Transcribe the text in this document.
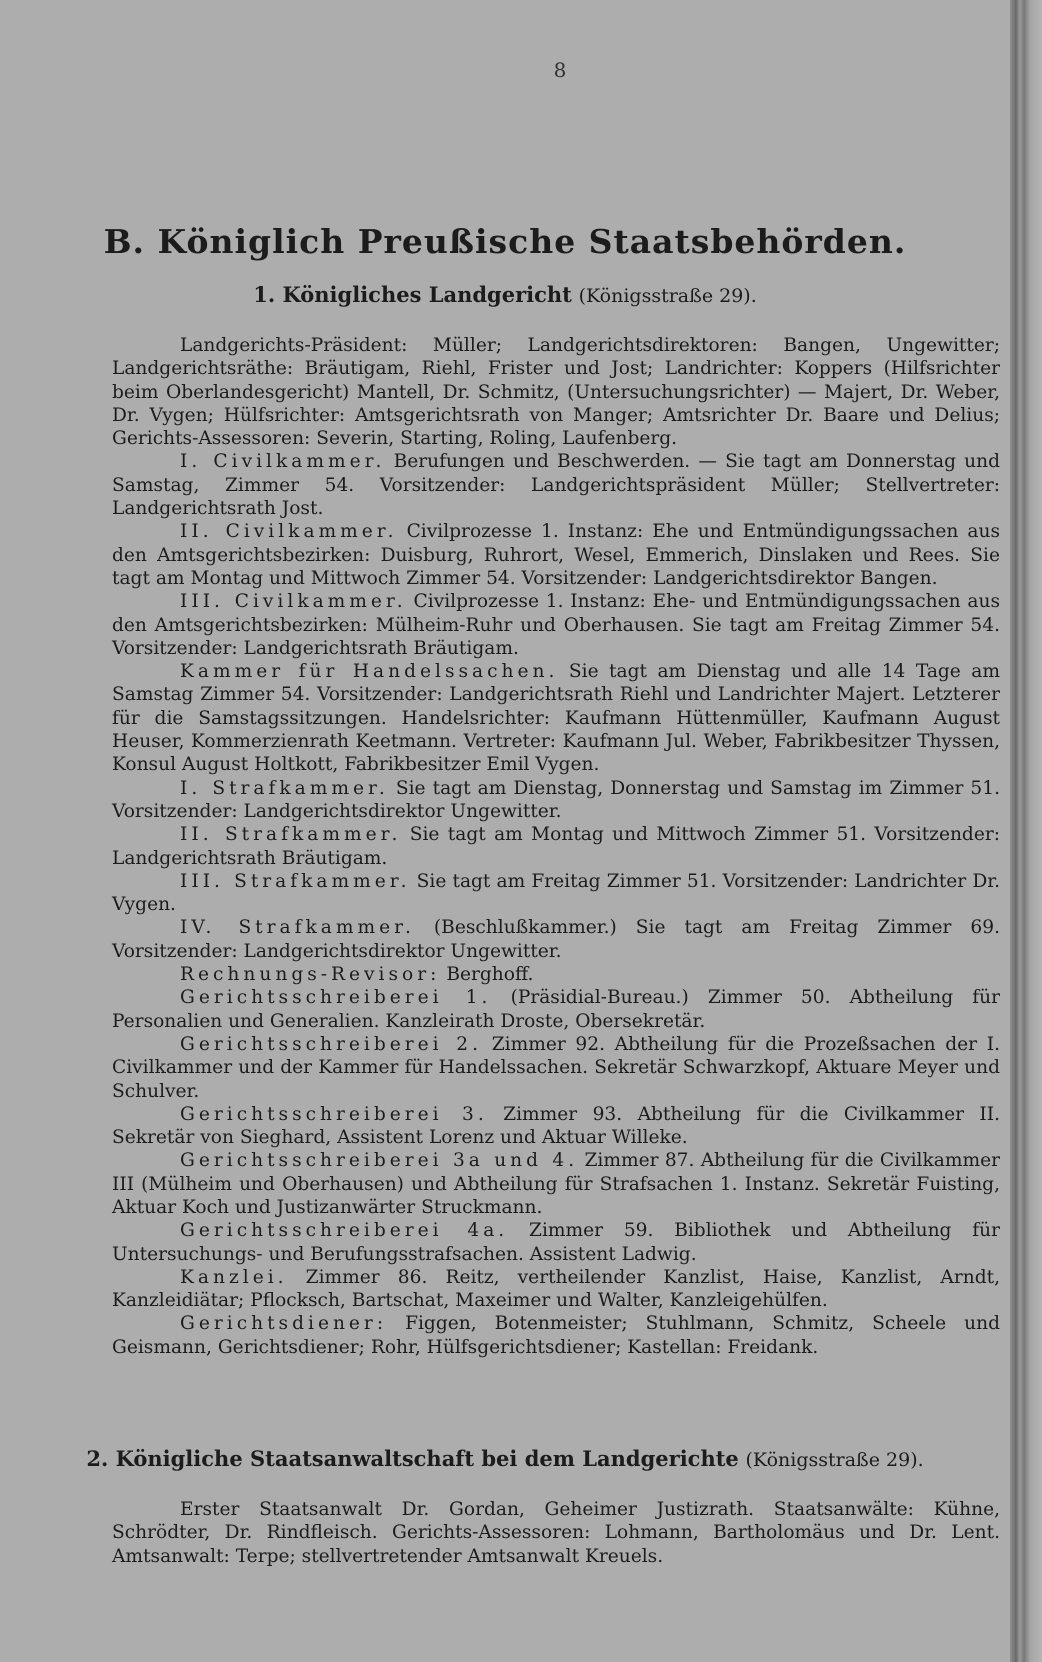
8
B. Königlich Preußische Staatsbehörden.
1. Königliches Landgericht (Königsstraße 29).

Landgerichts-Präsident: Müller; Landgerichtsdirektoren: Bangen, Ungewitter; Landgerichtsräthe: Bräutigam, Riehl, Frister und Jost; Landrichter: Koppers (Hilfsrichter beim Oberlandesgericht) Mantell, Dr. Schmitz, (Untersuchungsrichter) — Majert, Dr. Weber, Dr. Vygen; Hülfsrichter: Amtsgerichtsrath von Manger; Amtsrichter Dr. Baare und Delius; Gerichts-Assessoren: Severin, Starting, Roling, Laufenberg.

I. Civilkammer. Berufungen und Beschwerden. — Sie tagt am Donnerstag und Samstag, Zimmer 54. Vorsitzender: Landgerichtspräsident Müller; Stellvertreter: Landgerichtsrath Jost.

II. Civilkammer. Civilprozesse 1. Instanz: Ehe und Entmündigungssachen aus den Amtsgerichtsbezirken: Duisburg, Ruhrort, Wesel, Emmerich, Dinslaken und Rees. Sie tagt am Montag und Mittwoch Zimmer 54. Vorsitzender: Landgerichtsdirektor Bangen.

III. Civilkammer. Civilprozesse 1. Instanz: Ehe- und Entmündigungssachen aus den Amtsgerichtsbezirken: Mülheim-Ruhr und Oberhausen. Sie tagt am Freitag Zimmer 54. Vorsitzender: Landgerichtsrath Bräutigam.

Kammer für Handelssachen. Sie tagt am Dienstag und alle 14 Tage am Samstag Zimmer 54. Vorsitzender: Landgerichtsrath Riehl und Landrichter Majert. Letzterer für die Samstagssitzungen. Handelsrichter: Kaufmann Hüttenmüller, Kaufmann August Heuser, Kommerzienrath Keetmann. Vertreter: Kaufmann Jul. Weber, Fabrikbesitzer Thyssen, Konsul August Holtkott, Fabrikbesitzer Emil Vygen.

I. Strafkammer. Sie tagt am Dienstag, Donnerstag und Samstag im Zimmer 51. Vorsitzender: Landgerichtsdirektor Ungewitter.

II. Strafkammer. Sie tagt am Montag und Mittwoch Zimmer 51. Vorsitzender: Landgerichtsrath Bräutigam.

III. Strafkammer. Sie tagt am Freitag Zimmer 51. Vorsitzender: Landrichter Dr. Vygen.

IV. Strafkammer. (Beschlußkammer.) Sie tagt am Freitag Zimmer 69. Vorsitzender: Landgerichtsdirektor Ungewitter.

Rechnungs-Revisor: Berghoff.

Gerichtsschreiberei 1. (Präsidial-Bureau.) Zimmer 50. Abtheilung für Personalien und Generalien. Kanzleirath Droste, Obersekretär.

Gerichtsschreiberei 2. Zimmer 92. Abtheilung für die Prozeßsachen der I. Civilkammer und der Kammer für Handelssachen. Sekretär Schwarzkopf, Aktuare Meyer und Schulver.

Gerichtsschreiberei 3. Zimmer 93. Abtheilung für die Civilkammer II. Sekretär von Sieghard, Assistent Lorenz und Aktuar Willeke.

Gerichtsschreiberei 3a und 4. Zimmer 87. Abtheilung für die Civilkammer III (Mülheim und Oberhausen) und Abtheilung für Strafsachen 1. Instanz. Sekretär Fuisting, Aktuar Koch und Justizanwärter Struckmann.

Gerichtsschreiberei 4a. Zimmer 59. Bibliothek und Abtheilung für Untersuchungs- und Berufungsstrafsachen. Assistent Ladwig.

Kanzlei. Zimmer 86. Reitz, vertheilender Kanzlist, Haise, Kanzlist, Arndt, Kanzleidiätar; Pflocksch, Bartschat, Maxeimer und Walter, Kanzleigehülfen.

Gerichtsdiener: Figgen, Botenmeister; Stuhlmann, Schmitz, Scheele und Geismann, Gerichtsdiener; Rohr, Hülfsgerichtsdiener; Kastellan: Freidank.

2. Königliche Staatsanwaltschaft bei dem Landgerichte (Königsstraße 29).

Erster Staatsanwalt Dr. Gordan, Geheimer Justizrath. Staatsanwälte: Kühne, Schrödter, Dr. Rindfleisch. Gerichts-Assessoren: Lohmann, Bartholomäus und Dr. Lent. Amtsanwalt: Terpe; stellvertretender Amtsanwalt Kreuels.
